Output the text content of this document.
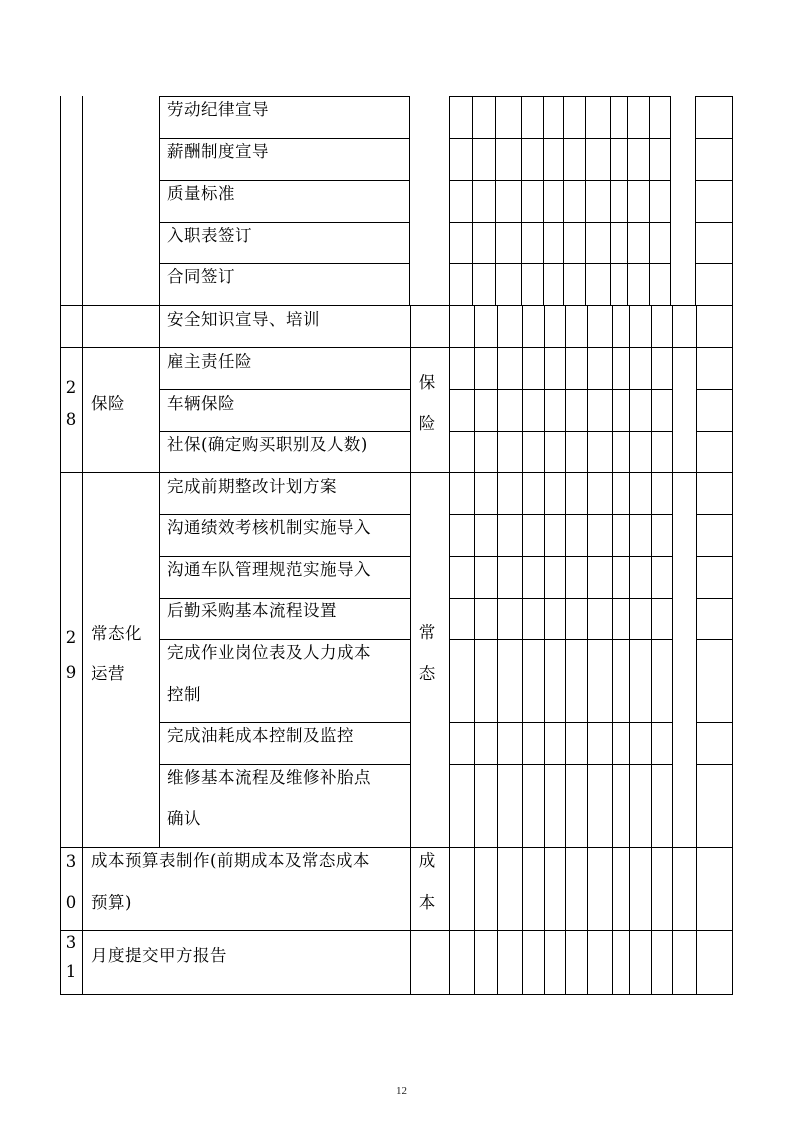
劳动纪律宣导
薪酬制度宣导
质量标准
入职表签订
合同签订
安全知识宣导、培训
2
8
保险
雇主责任险
车辆保险
社保(确定购买职别及人数)
保
险
2
9
常态化
运营
完成前期整改计划方案
沟通绩效考核机制实施导入
沟通车队管理规范实施导入
后勤采购基本流程设置
完成作业岗位表及人力成本
控制
完成油耗成本控制及监控
维修基本流程及维修补胎点
确认
常
态
3
0
成本预算表制作(前期成本及常态成本
预算)
成
本
3
1
月度提交甲方报告
12
